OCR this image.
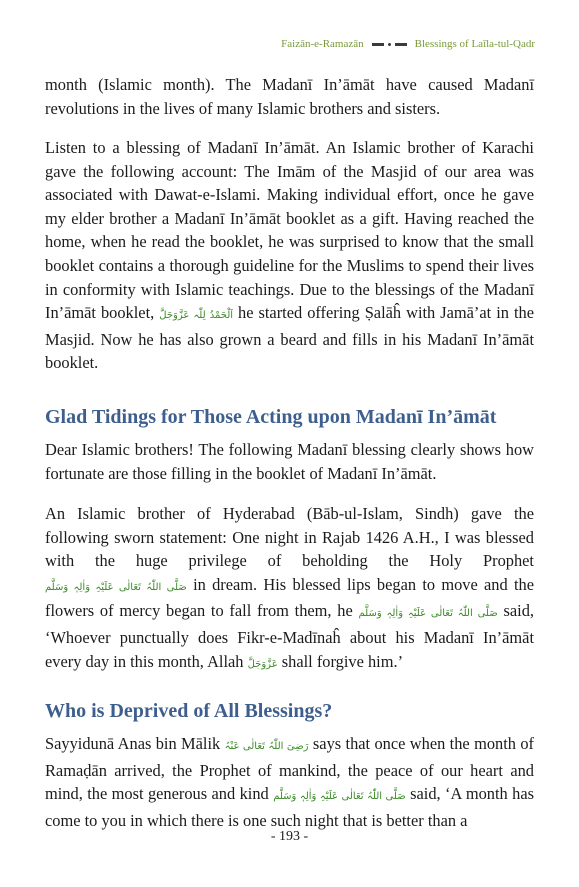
Faizān-e-Ramazān	Blessings of Laīla-tul-Qadr

month (Islamic month). The Madanī In’āmāt have caused Madanī revolutions in the lives of many Islamic brothers and sisters.

Listen to a blessing of Madanī In’āmāt. An Islamic brother of Karachi gave the following account: The Imām of the Masjid of our area was associated with Dawat-e-Islami. Making individual effort, once he gave my elder brother a Madanī In’āmāt booklet as a gift. Having reached the home, when he read the booklet, he was surprised to know that the small booklet contains a thorough guideline for the Muslims to spend their lives in conformity with Islamic teachings. Due to the blessings of the Madanī In’āmāt booklet, اَلْحَمْدُ لِلّٰہ عَزَّوَجَلَّ he started offering Ṣalāĥ with Jamā’at in the Masjid. Now he has also grown a beard and fills in his Madanī In’āmāt booklet.

Glad Tidings for Those Acting upon Madanī In’āmāt

Dear Islamic brothers! The following Madanī blessing clearly shows how fortunate are those filling in the booklet of Madanī In’āmāt.

An Islamic brother of Hyderabad (Bāb-ul-Islam, Sindh) gave the following sworn statement: One night in Rajab 1426 A.H., I was blessed with the huge privilege of beholding the Holy Prophet صَلَّی اللّٰہُ تَعَالٰی عَلَیْہِ وَاٰلِہٖ وَسَلَّم in dream. His blessed lips began to move and the flowers of mercy began to fall from them, he صَلَّی اللّٰہُ تَعَالٰی عَلَیْہِ وَاٰلِہٖ وَسَلَّم said, ‘Whoever punctually does Fikr-e-Madīnaĥ about his Madanī In’āmāt every day in this month, Allah عَزَّوَجَلَّ shall forgive him.’

Who is Deprived of All Blessings?

Sayyidunā Anas bin Mālik رَضِیَ اللّٰہُ تَعَالٰی عَنْہُ says that once when the month of Ramaḍān arrived, the Prophet of mankind, the peace of our heart and mind, the most generous and kind صَلَّی اللّٰہُ تَعَالٰی عَلَیْہِ وَاٰلِہٖ وَسَلَّم said, ‘A month has come to you in which there is one such night that is better than a

- 193 -
